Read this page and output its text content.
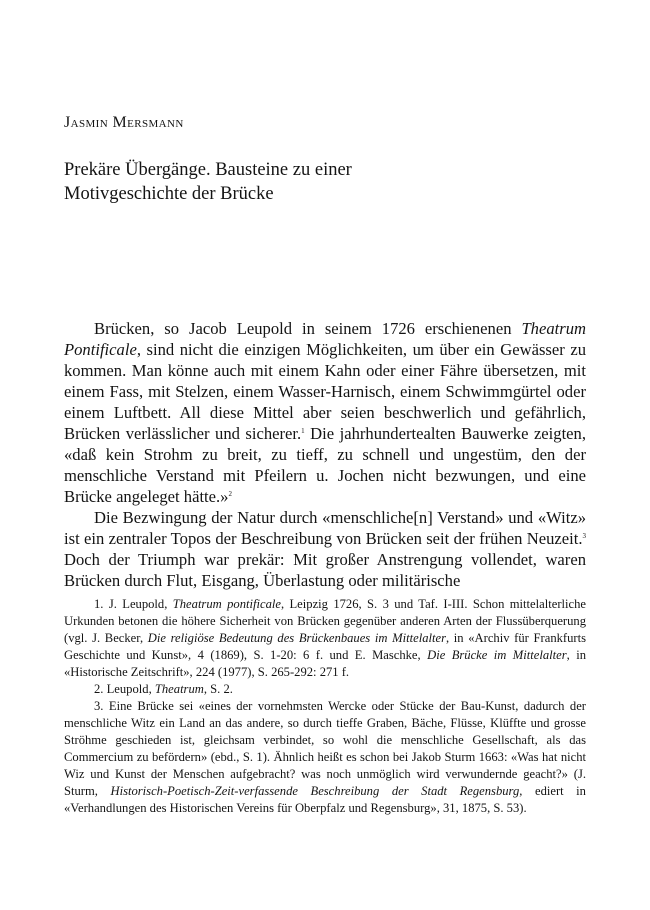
Jasmin Mersmann
Prekäre Übergänge. Bausteine zu einer
Motivgeschichte der Brücke

Brücken, so Jacob Leupold in seinem 1726 erschienenen Theatrum Pontificale, sind nicht die einzigen Möglichkeiten, um über ein Gewässer zu kommen. Man könne auch mit einem Kahn oder einer Fähre übersetzen, mit einem Fass, mit Stelzen, einem Wasser-Harnisch, einem Schwimmgürtel oder einem Luftbett. All diese Mittel aber seien beschwerlich und gefährlich, Brücken verlässlicher und sicherer.$^1$ Die jahrhundertealten Bauwerke zeigten, «daß kein Strohm zu breit, zu tieff, zu schnell und ungestüm, den der menschliche Verstand mit Pfeilern u. Jochen nicht bezwungen, und eine Brücke angeleget hätte.»$^2$

Die Bezwingung der Natur durch «menschliche[n] Verstand» und «Witz» ist ein zentraler Topos der Beschreibung von Brücken seit der frühen Neuzeit.$^3$ Doch der Triumph war prekär: Mit großer Anstrengung vollendet, waren Brücken durch Flut, Eisgang, Überlastung oder militärische

1. J. Leupold, Theatrum pontificale, Leipzig 1726, S. 3 und Taf. I-III. Schon mittelalterliche Urkunden betonen die höhere Sicherheit von Brücken gegenüber anderen Arten der Flussüberquerung (vgl. J. Becker, Die religiöse Bedeutung des Brückenbaues im Mittelalter, in «Archiv für Frankfurts Geschichte und Kunst», 4 (1869), S. 1-20: 6 f. und E. Maschke, Die Brücke im Mittelalter, in «Historische Zeitschrift», 224 (1977), S. 265-292: 271 f.

2. Leupold, Theatrum, S. 2.

3. Eine Brücke sei «eines der vornehmsten Wercke oder Stücke der Bau-Kunst, dadurch der menschliche Witz ein Land an das andere, so durch tieffe Graben, Bäche, Flüsse, Klüffte und grosse Ströhme geschieden ist, gleichsam verbindet, so wohl die menschliche Gesellschaft, als das Commercium zu befördern» (ebd., S. 1). Ähnlich heißt es schon bei Jakob Sturm 1663: «Was hat nicht Wiz und Kunst der Menschen aufgebracht? was noch unmöglich wird verwundernde geacht?» (J. Sturm, Historisch-Poetisch-Zeit-verfassende Beschreibung der Stadt Regensburg, ediert in «Verhandlungen des Historischen Vereins für Oberpfalz und Regensburg», 31, 1875, S. 53).
